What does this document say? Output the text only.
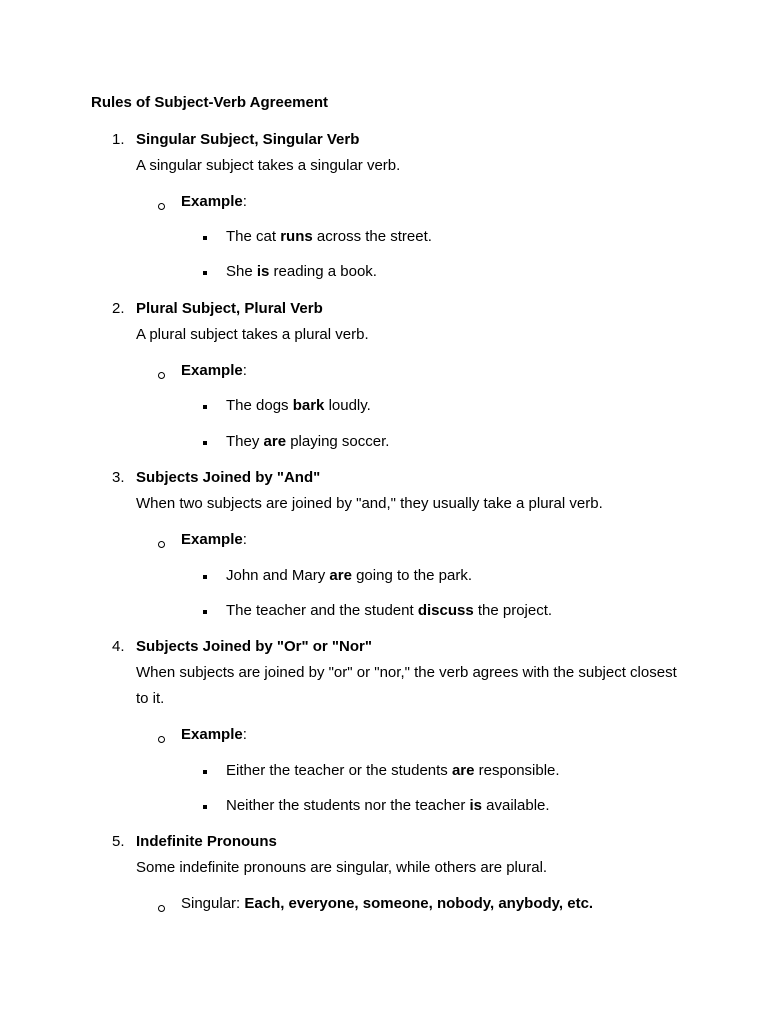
Rules of Subject-Verb Agreement
1. Singular Subject, Singular Verb
A singular subject takes a singular verb.
Example:
The cat runs across the street.
She is reading a book.
2. Plural Subject, Plural Verb
A plural subject takes a plural verb.
Example:
The dogs bark loudly.
They are playing soccer.
3. Subjects Joined by "And"
When two subjects are joined by "and," they usually take a plural verb.
Example:
John and Mary are going to the park.
The teacher and the student discuss the project.
4. Subjects Joined by "Or" or "Nor"
When subjects are joined by "or" or "nor," the verb agrees with the subject closest to it.
Example:
Either the teacher or the students are responsible.
Neither the students nor the teacher is available.
5. Indefinite Pronouns
Some indefinite pronouns are singular, while others are plural.
Singular: Each, everyone, someone, nobody, anybody, etc.
